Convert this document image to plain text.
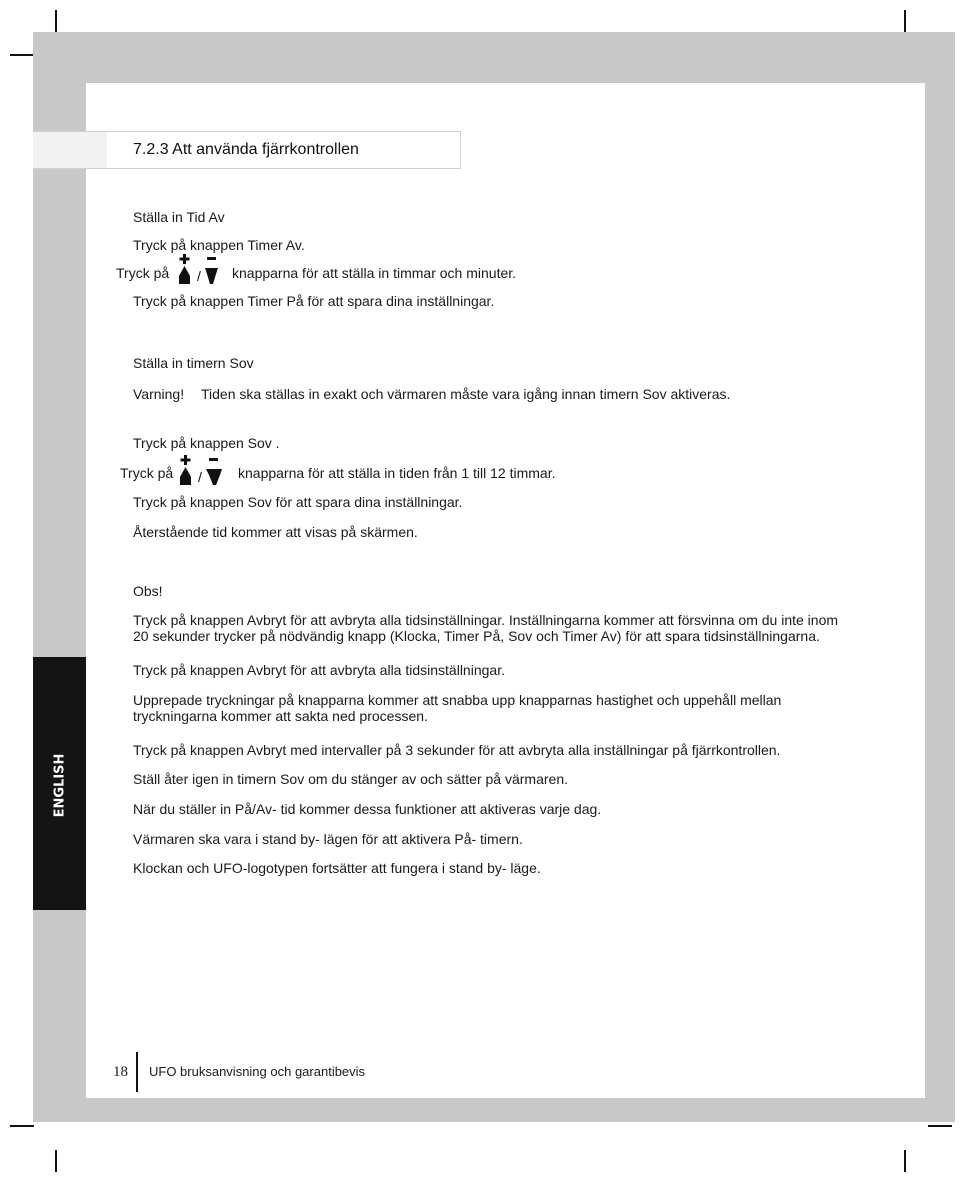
ENGLISH
7.2.3 Att använda fjärrkontrollen
Ställa in Tid Av
Tryck på knappen Timer Av.
Tryck på / knapparna för att ställa in timmar och minuter.
Tryck på knappen Timer På för att spara dina inställningar.
Ställa in timern Sov
Varning! Tiden ska ställas in exakt och värmaren måste vara igång innan timern Sov aktiveras.
Tryck på knappen Sov .
Tryck på /	knapparna för att ställa in tiden från 1 till 12 timmar.
Tryck på knappen Sov för att spara dina inställningar.
Återstående tid kommer att visas på skärmen.
Obs!
Tryck på knappen Avbryt för att avbryta alla tidsinställningar. Inställningarna kommer att försvinna om du inte inom
20 sekunder trycker på nödvändig knapp (Klocka, Timer På, Sov och Timer Av) för att spara tidsinställningarna.
Tryck på knappen Avbryt för att avbryta alla tidsinställningar.
Upprepade tryckningar på knapparna kommer att snabba upp knapparnas hastighet och uppehåll mellan
tryckningarna kommer att sakta ned processen.
Tryck på knappen Avbryt med intervaller på 3 sekunder för att avbryta alla inställningar på fjärrkontrollen.
Ställ åter igen in timern Sov om du stänger av och sätter på värmaren.
När du ställer in På/Av- tid kommer dessa funktioner att aktiveras varje dag.
Värmaren ska vara i stand by- lägen för att aktivera På- timern.
Klockan och UFO-logotypen fortsätter att fungera i stand by- läge.
18 UFO bruksanvisning och garantibevis
